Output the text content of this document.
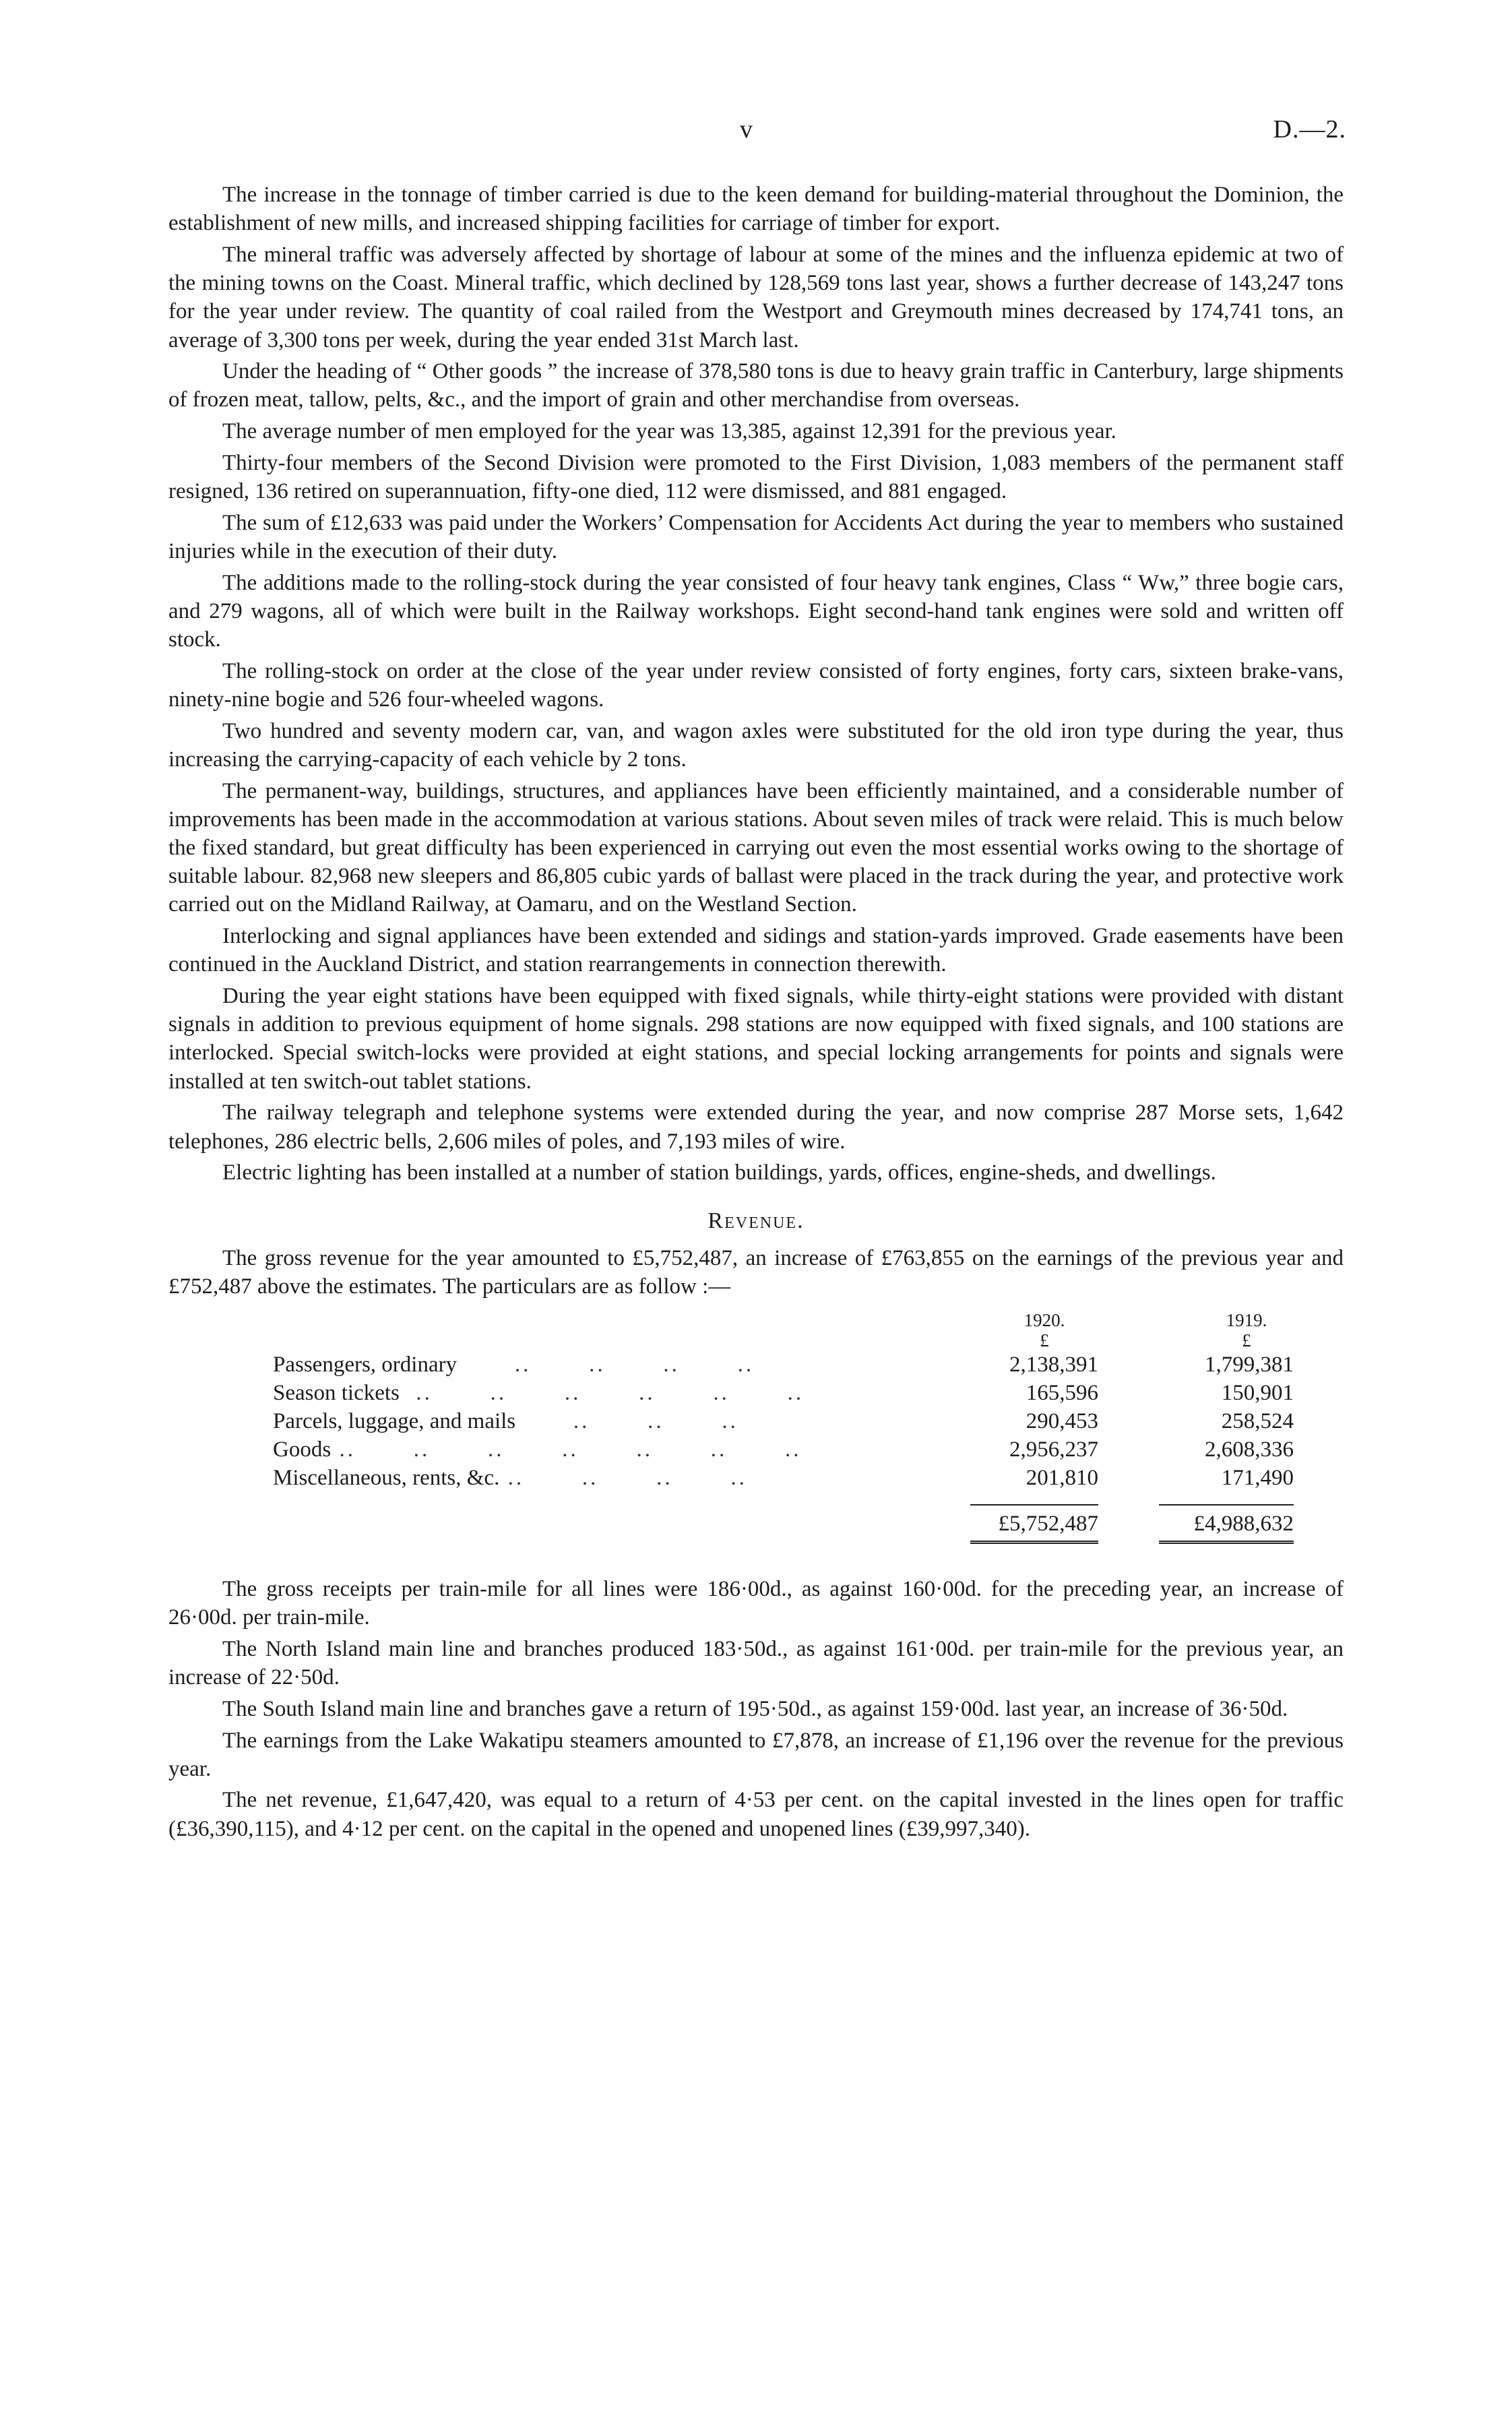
v	D.—2.

The increase in the tonnage of timber carried is due to the keen demand for building-material throughout the Dominion, the establishment of new mills, and increased shipping facilities for carriage of timber for export.

The mineral traffic was adversely affected by shortage of labour at some of the mines and the influenza epidemic at two of the mining towns on the Coast. Mineral traffic, which declined by 128,569 tons last year, shows a further decrease of 143,247 tons for the year under review. The quantity of coal railed from the Westport and Greymouth mines decreased by 174,741 tons, an average of 3,300 tons per week, during the year ended 31st March last.

Under the heading of “ Other goods ” the increase of 378,580 tons is due to heavy grain traffic in Canterbury, large shipments of frozen meat, tallow, pelts, &c., and the import of grain and other merchandise from overseas.

The average number of men employed for the year was 13,385, against 12,391 for the previous year.

Thirty-four members of the Second Division were promoted to the First Division, 1,083 members of the permanent staff resigned, 136 retired on superannuation, fifty-one died, 112 were dismissed, and 881 engaged.

The sum of £12,633 was paid under the Workers’ Compensation for Accidents Act during the year to members who sustained injuries while in the execution of their duty.

The additions made to the rolling-stock during the year consisted of four heavy tank engines, Class “ Ww,” three bogie cars, and 279 wagons, all of which were built in the Railway workshops. Eight second-hand tank engines were sold and written off stock.

The rolling-stock on order at the close of the year under review consisted of forty engines, forty cars, sixteen brake-vans, ninety-nine bogie and 526 four-wheeled wagons.

Two hundred and seventy modern car, van, and wagon axles were substituted for the old iron type during the year, thus increasing the carrying-capacity of each vehicle by 2 tons.

The permanent-way, buildings, structures, and appliances have been efficiently maintained, and a considerable number of improvements has been made in the accommodation at various stations. About seven miles of track were relaid. This is much below the fixed standard, but great difficulty has been experienced in carrying out even the most essential works owing to the shortage of suitable labour. 82,968 new sleepers and 86,805 cubic yards of ballast were placed in the track during the year, and protective work carried out on the Midland Railway, at Oamaru, and on the Westland Section.

Interlocking and signal appliances have been extended and sidings and station-yards improved. Grade easements have been continued in the Auckland District, and station rearrangements in connection therewith.

During the year eight stations have been equipped with fixed signals, while thirty-eight stations were provided with distant signals in addition to previous equipment of home signals. 298 stations are now equipped with fixed signals, and 100 stations are interlocked. Special switch-locks were provided at eight stations, and special locking arrangements for points and signals were installed at ten switch-out tablet stations.

The railway telegraph and telephone systems were extended during the year, and now comprise 287 Morse sets, 1,642 telephones, 286 electric bells, 2,606 miles of poles, and 7,193 miles of wire.

Electric lighting has been installed at a number of station buildings, yards, offices, engine-sheds, and dwellings.

Revenue.

The gross revenue for the year amounted to £5,752,487, an increase of £763,855 on the earnings of the previous year and £752,487 above the estimates. The particulars are as follow :—

	1920.	1919.
	£	£
Passengers, ordinary       ..       ..       ..       ..	2,138,391	1,799,381
Season tickets  ..       ..       ..       ..       ..       ..	165,596	150,901
Parcels, luggage, and mails       ..       ..       ..	290,453	258,524
Goods ..       ..       ..       ..       ..       ..       ..	2,956,237	2,608,336
Miscellaneous, rents, &c. ..       ..       ..       ..	201,810	171,490
	£5,752,487	£4,988,632

The gross receipts per train-mile for all lines were 186·00d., as against 160·00d. for the preceding year, an increase of 26·00d. per train-mile.

The North Island main line and branches produced 183·50d., as against 161·00d. per train-mile for the previous year, an increase of 22·50d.

The South Island main line and branches gave a return of 195·50d., as against 159·00d. last year, an increase of 36·50d.

The earnings from the Lake Wakatipu steamers amounted to £7,878, an increase of £1,196 over the revenue for the previous year.

The net revenue, £1,647,420, was equal to a return of 4·53 per cent. on the capital invested in the lines open for traffic (£36,390,115), and 4·12 per cent. on the capital in the opened and unopened lines (£39,997,340).
